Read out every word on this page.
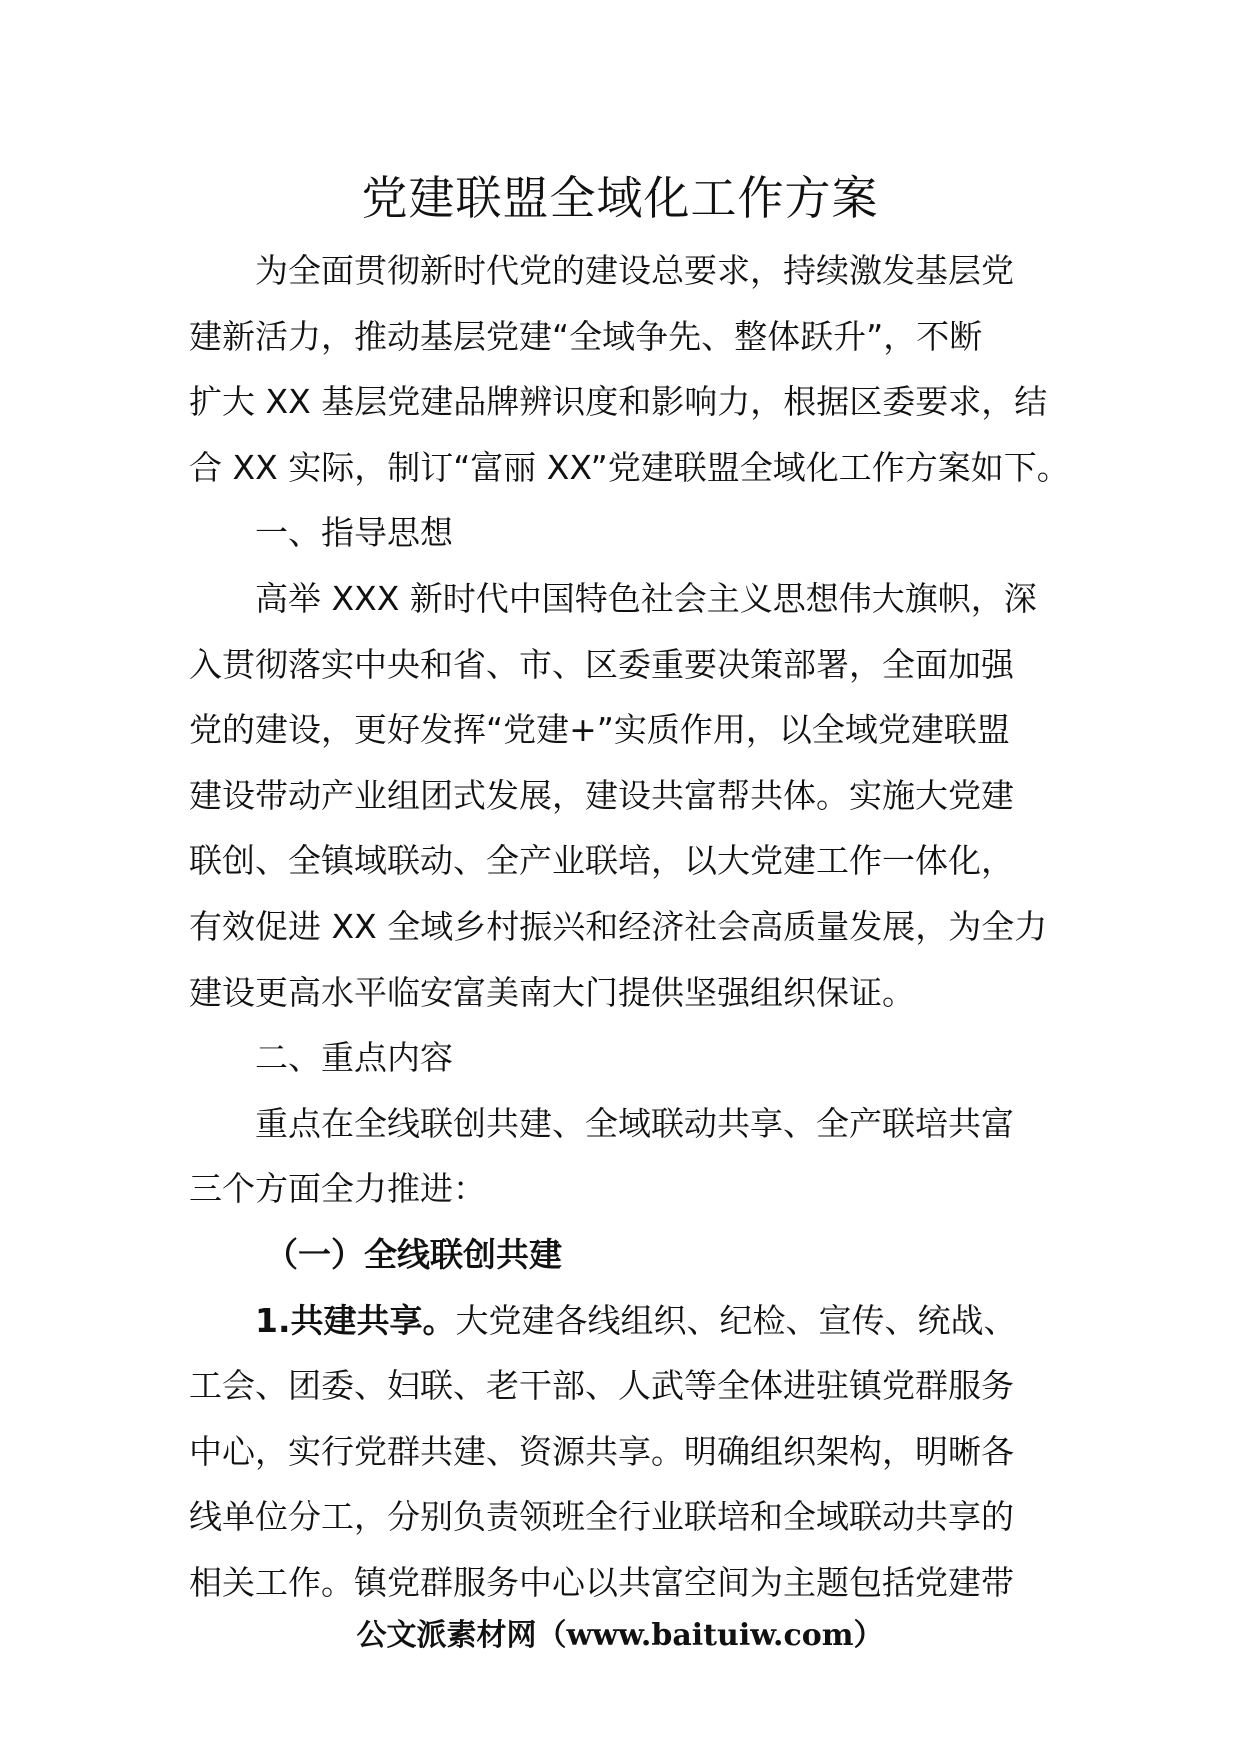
党建联盟全域化工作方案
为全面贯彻新时代党的建设总要求，持续激发基层党
建新活力，推动基层党建“全域争先、整体跃升”，不断
扩大 XX 基层党建品牌辨识度和影响力，根据区委要求，结
合 XX 实际，制订“富丽 XX”党建联盟全域化工作方案如下。
一、指导思想
高举 XXX 新时代中国特色社会主义思想伟大旗帜，深
入贯彻落实中央和省、市、区委重要决策部署，全面加强
党的建设，更好发挥“党建+”实质作用，以全域党建联盟
建设带动产业组团式发展，建设共富帮共体。实施大党建
联创、全镇域联动、全产业联培，以大党建工作一体化，
有效促进 XX 全域乡村振兴和经济社会高质量发展，为全力
建设更高水平临安富美南大门提供坚强组织保证。
二、重点内容
重点在全线联创共建、全域联动共享、全产联培共富
三个方面全力推进：
（一）全线联创共建
1.共建共享。大党建各线组织、纪检、宣传、统战、
工会、团委、妇联、老干部、人武等全体进驻镇党群服务
中心，实行党群共建、资源共享。明确组织架构，明晰各
线单位分工，分别负责领班全行业联培和全域联动共享的
相关工作。镇党群服务中心以共富空间为主题包括党建带
公文派素材网（www.baituiw.com）
